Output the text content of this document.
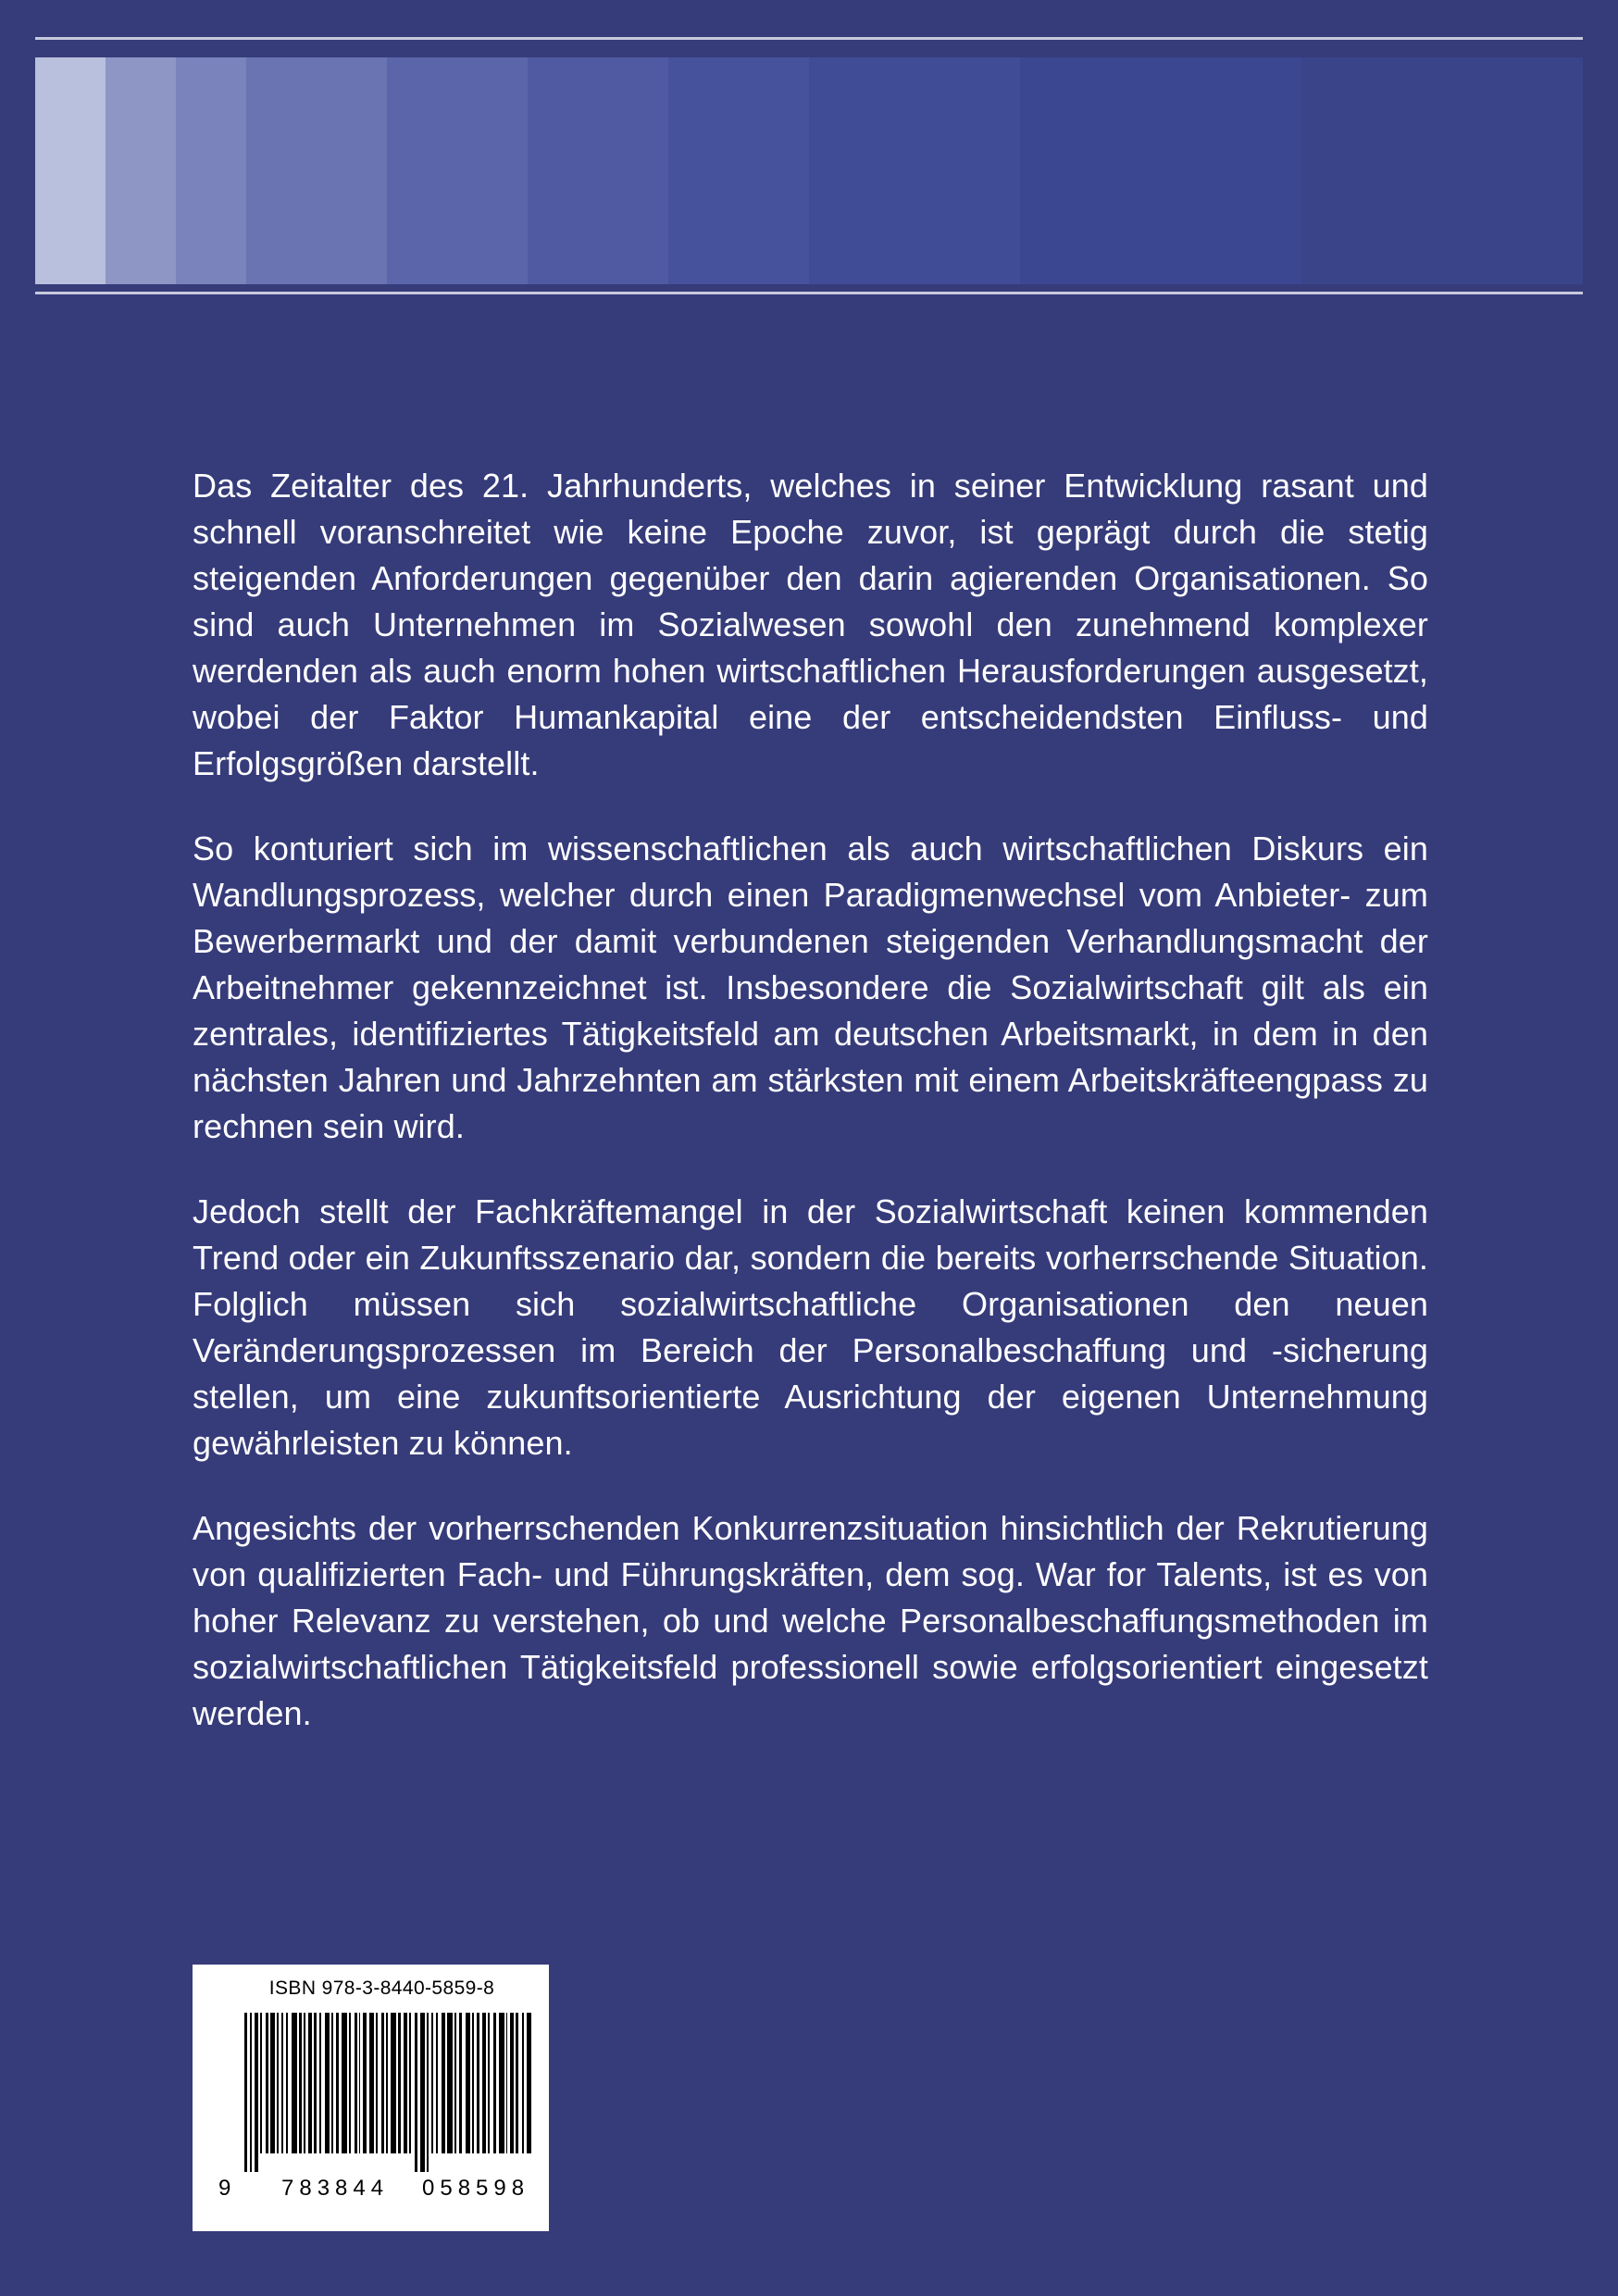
Das Zeitalter des 21. Jahrhunderts, welches in seiner Entwicklung rasant und schnell voranschreitet wie keine Epoche zuvor, ist geprägt durch die stetig steigenden Anforderungen gegenüber den darin agierenden Organisationen. So sind auch Unternehmen im Sozialwesen sowohl den zunehmend komplexer werdenden als auch enorm hohen wirtschaftlichen Herausforderungen ausgesetzt, wobei der Faktor Humankapital eine der entscheidendsten Einfluss- und Erfolgsgrößen darstellt.

So konturiert sich im wissenschaftlichen als auch wirtschaftlichen Diskurs ein Wandlungsprozess, welcher durch einen Paradigmenwechsel vom Anbieter- zum Bewerbermarkt und der damit verbundenen steigenden Verhandlungsmacht der Arbeitnehmer gekennzeichnet ist. Insbesondere die Sozialwirtschaft gilt als ein zentrales, identifiziertes Tätigkeitsfeld am deutschen Arbeitsmarkt, in dem in den nächsten Jahren und Jahrzehnten am stärksten mit einem Arbeitskräfteengpass zu rechnen sein wird.

Jedoch stellt der Fachkräftemangel in der Sozialwirtschaft keinen kommenden Trend oder ein Zukunftsszenario dar, sondern die bereits vorherrschende Situation. Folglich müssen sich sozialwirtschaftliche Organisationen den neuen Veränderungsprozessen im Bereich der Personalbeschaffung und -sicherung stellen, um eine zukunftsorientierte Ausrichtung der eigenen Unternehmung gewährleisten zu können.

Angesichts der vorherrschenden Konkurrenzsituation hinsichtlich der Rekrutierung von qualifizierten Fach- und Führungskräften, dem sog. War for Talents, ist es von hoher Relevanz zu verstehen, ob und welche Personalbeschaffungsmethoden im sozialwirtschaftlichen Tätigkeitsfeld professionell sowie erfolgsorientiert eingesetzt werden.

ISBN 978-3-8440-5859-8
9 783844 058598
